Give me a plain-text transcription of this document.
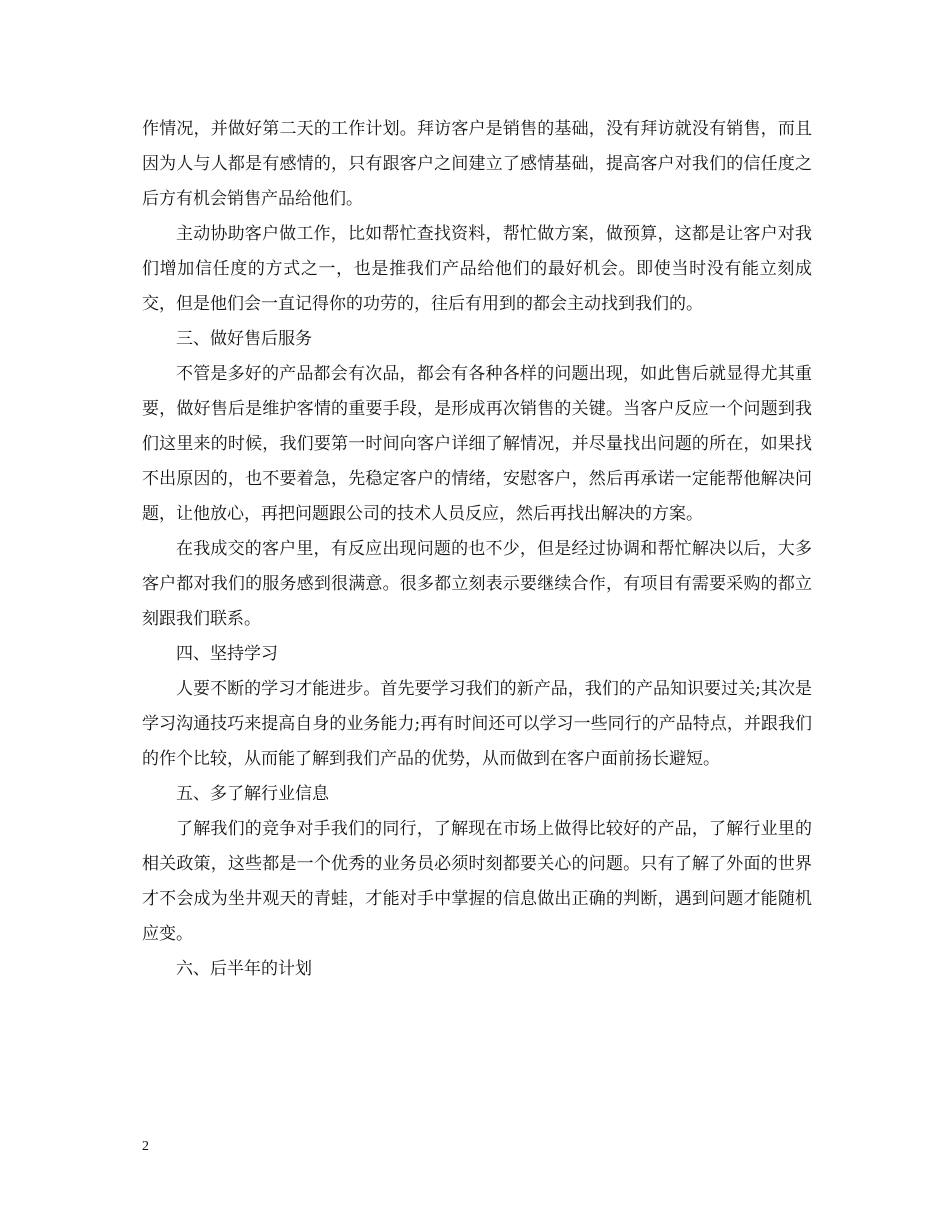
作情况，并做好第二天的工作计划。拜访客户是销售的基础，没有拜访就没有销售，而且因为人与人都是有感情的，只有跟客户之间建立了感情基础，提高客户对我们的信任度之后方有机会销售产品给他们。

主动协助客户做工作，比如帮忙查找资料，帮忙做方案，做预算，这都是让客户对我们增加信任度的方式之一，也是推我们产品给他们的最好机会。即使当时没有能立刻成交，但是他们会一直记得你的功劳的，往后有用到的都会主动找到我们的。

三、做好售后服务

不管是多好的产品都会有次品，都会有各种各样的问题出现，如此售后就显得尤其重要，做好售后是维护客情的重要手段，是形成再次销售的关键。当客户反应一个问题到我们这里来的时候，我们要第一时间向客户详细了解情况，并尽量找出问题的所在，如果找不出原因的，也不要着急，先稳定客户的情绪，安慰客户，然后再承诺一定能帮他解决问题，让他放心，再把问题跟公司的技术人员反应，然后再找出解决的方案。

在我成交的客户里，有反应出现问题的也不少，但是经过协调和帮忙解决以后，大多客户都对我们的服务感到很满意。很多都立刻表示要继续合作，有项目有需要采购的都立刻跟我们联系。

四、坚持学习

人要不断的学习才能进步。首先要学习我们的新产品，我们的产品知识要过关;其次是学习沟通技巧来提高自身的业务能力;再有时间还可以学习一些同行的产品特点，并跟我们的作个比较，从而能了解到我们产品的优势，从而做到在客户面前扬长避短。

五、多了解行业信息

了解我们的竞争对手我们的同行，了解现在市场上做得比较好的产品，了解行业里的相关政策，这些都是一个优秀的业务员必须时刻都要关心的问题。只有了解了外面的世界才不会成为坐井观天的青蛙，才能对手中掌握的信息做出正确的判断，遇到问题才能随机应变。

六、后半年的计划

2
